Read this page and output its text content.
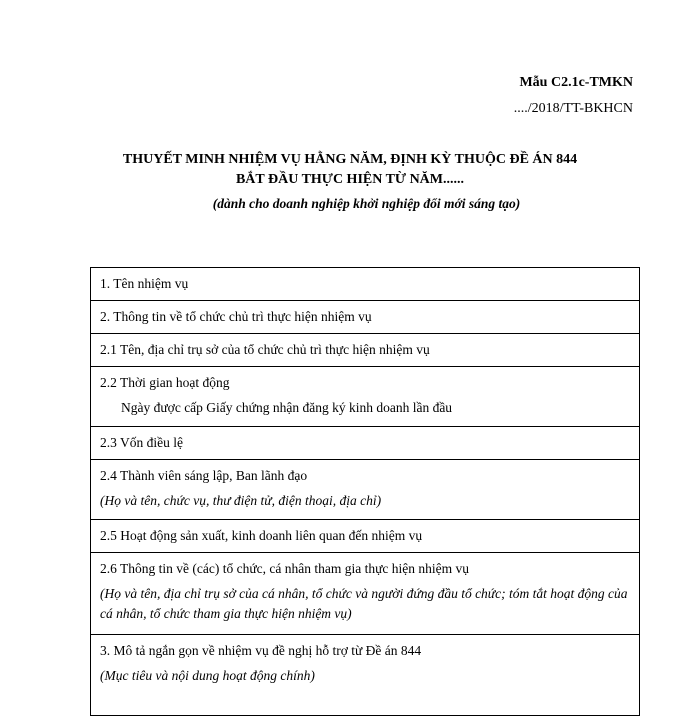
Mẫu C2.1c-TMKN
..../2018/TT-BKHCN
THUYẾT MINH NHIỆM VỤ HẰNG NĂM, ĐỊNH KỲ THUỘC ĐỀ ÁN 844
BẮT ĐẦU THỰC HIỆN TỪ NĂM......
(dành cho doanh nghiệp khởi nghiệp đổi mới sáng tạo)
1. Tên nhiệm vụ
2. Thông tin về tổ chức chủ trì thực hiện nhiệm vụ
2.1 Tên, địa chỉ trụ sở của tổ chức chủ trì thực hiện nhiệm vụ
2.2 Thời gian hoạt động
Ngày được cấp Giấy chứng nhận đăng ký kinh doanh lần đầu
2.3 Vốn điều lệ
2.4 Thành viên sáng lập, Ban lãnh đạo
(Họ và tên, chức vụ, thư điện tử, điện thoại, địa chỉ)
2.5 Hoạt động sản xuất, kinh doanh liên quan đến nhiệm vụ
2.6 Thông tin về (các) tổ chức, cá nhân tham gia thực hiện nhiệm vụ
(Họ và tên, địa chỉ trụ sở của cá nhân, tổ chức và người đứng đầu tổ chức; tóm tắt hoạt động của cá nhân, tổ chức tham gia thực hiện nhiệm vụ)
3. Mô tả ngắn gọn về nhiệm vụ đề nghị hỗ trợ từ Đề án 844
(Mục tiêu và nội dung hoạt động chính)
